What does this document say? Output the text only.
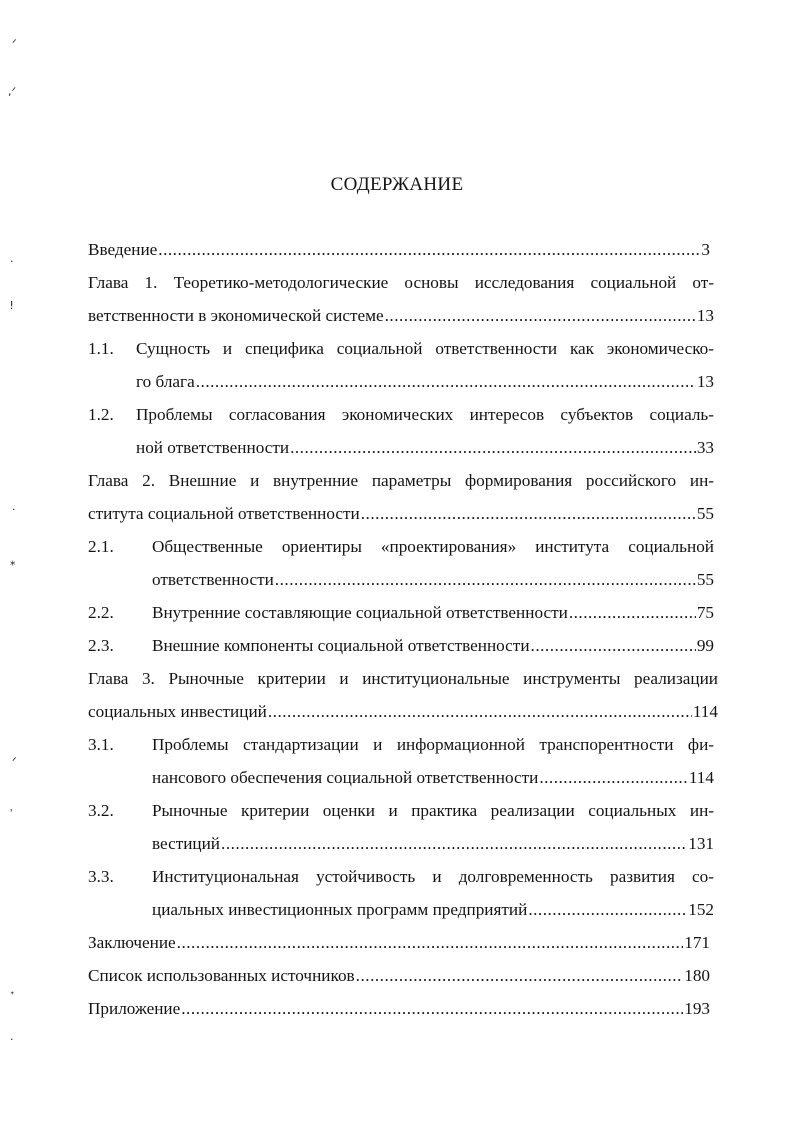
ᐟ
,ᐟ
·
ǃ
·
⁎
ᐟ
ʾ
ᐩ
·
СОДЕРЖАНИЕ
Введение .....	3
Глава 1. Теоретико-методологические основы исследования социальной от-
ветственности в экономической системе .....	13
1.1. Сущность и специфика социальной ответственности как экономическо-
го блага .....	13
1.2. Проблемы согласования экономических интересов субъектов социаль-
ной ответственности .....	33
Глава 2. Внешние и внутренние параметры формирования российского ин-
ститута социальной ответственности .....	55
2.1. Общественные ориентиры «проектирования» института социальной
ответственности .....	55
2.2. Внутренние составляющие социальной ответственности .....	75
2.3. Внешние компоненты социальной ответственности .....	99
Глава 3. Рыночные критерии и институциональные инструменты реализации
социальных инвестиций .....	114
3.1. Проблемы стандартизации и информационной транспорентности фи-
нансового обеспечения социальной ответственности .....	114
3.2. Рыночные критерии оценки и практика реализации социальных ин-
вестиций .....	131
3.3. Институциональная устойчивость и долговременность развития со-
циальных инвестиционных программ предприятий .....	152
Заключение .....	171
Список использованных источников .....	180
Приложение .....	193
